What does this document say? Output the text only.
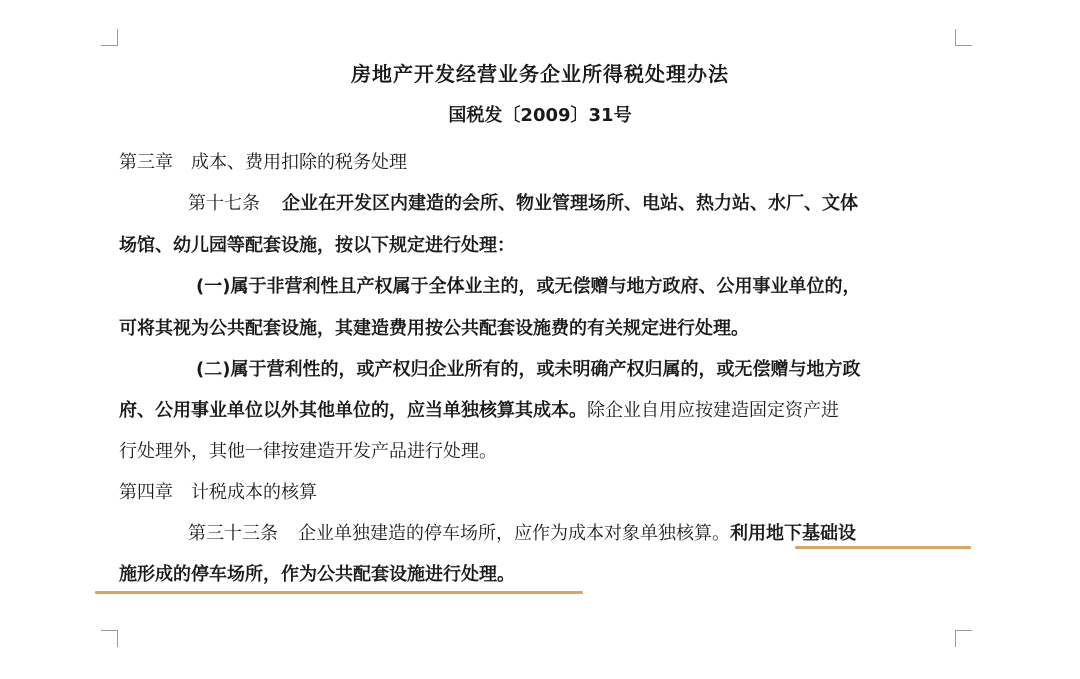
房地产开发经营业务企业所得税处理办法
国税发〔2009〕31号
第三章　成本、费用扣除的税务处理
第十七条 企业在开发区内建造的会所、物业管理场所、电站、热力站、水厂、文体
场馆、幼儿园等配套设施，按以下规定进行处理：
(一)属于非营利性且产权属于全体业主的，或无偿赠与地方政府、公用事业单位的，
可将其视为公共配套设施，其建造费用按公共配套设施费的有关规定进行处理。
(二)属于营利性的，或产权归企业所有的，或未明确产权归属的，或无偿赠与地方政
府、公用事业单位以外其他单位的，应当单独核算其成本。除企业自用应按建造固定资产进
行处理外，其他一律按建造开发产品进行处理。
第四章　计税成本的核算
第三十三条 企业单独建造的停车场所，应作为成本对象单独核算。利用地下基础设
施形成的停车场所，作为公共配套设施进行处理。
